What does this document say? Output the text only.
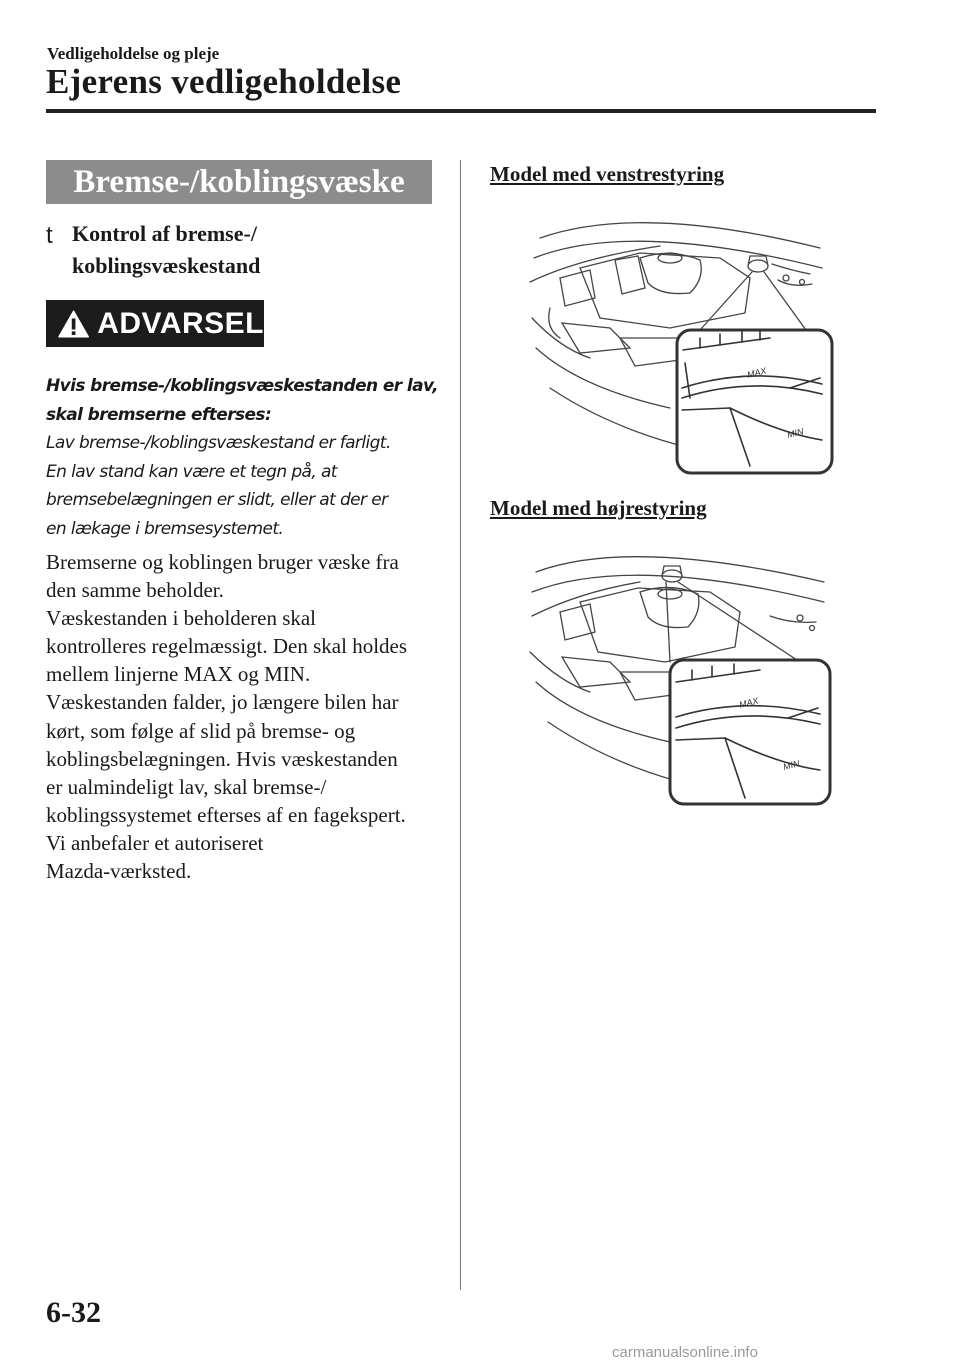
Vedligeholdelse og pleje
Ejerens vedligeholdelse
Bremse-/koblingsvæske
t Kontrol af bremse-/
koblingsvæskestand
ADVARSEL
Hvis bremse-/koblingsvæskestanden er lav,
skal bremserne efterses:
Lav bremse-/koblingsvæskestand er farligt.
En lav stand kan være et tegn på, at
bremsebelægningen er slidt, eller at der er
en lækage i bremsesystemet.
Bremserne og koblingen bruger væske fra
den samme beholder.
Væskestanden i beholderen skal
kontrolleres regelmæssigt. Den skal holdes
mellem linjerne MAX og MIN.
Væskestanden falder, jo længere bilen har
kørt, som følge af slid på bremse- og
koblingsbelægningen. Hvis væskestanden
er ualmindeligt lav, skal bremse-/
koblingssystemet efterses af en fagekspert.
Vi anbefaler et autoriseret
Mazda-værksted.
Model med venstrestyring
Model med højrestyring
MAX
MIN
MAX
MIN
6-32
carmanualsonline.info
